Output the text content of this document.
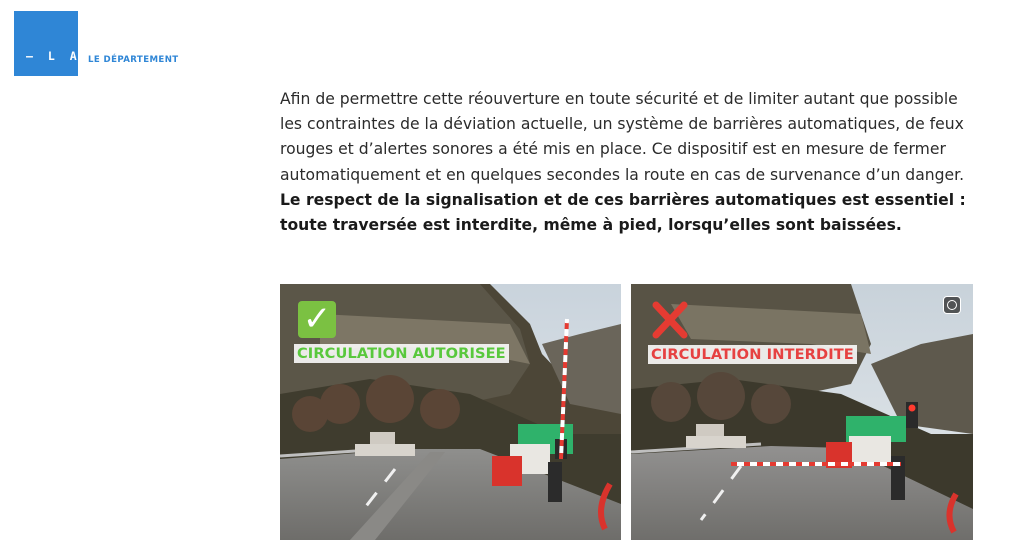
– L A

D R O

M E –

LE DÉPARTEMENT
Afin de permettre cette réouverture en toute sécurité et de limiter autant que possible les contraintes de la déviation actuelle, un système de barrières automatiques, de feux rouges et d’alertes sonores a été mis en place. Ce dispositif est en mesure de fermer automatiquement et en quelques secondes la route en cas de survenance d’un danger. Le respect de la signalisation et de ces barrières automatiques est essentiel : toute traversée est interdite, même à pied, lorsqu’elles sont baissées.
✓
CIRCULATION AUTORISEE	CIRCULATION INTERDITE
